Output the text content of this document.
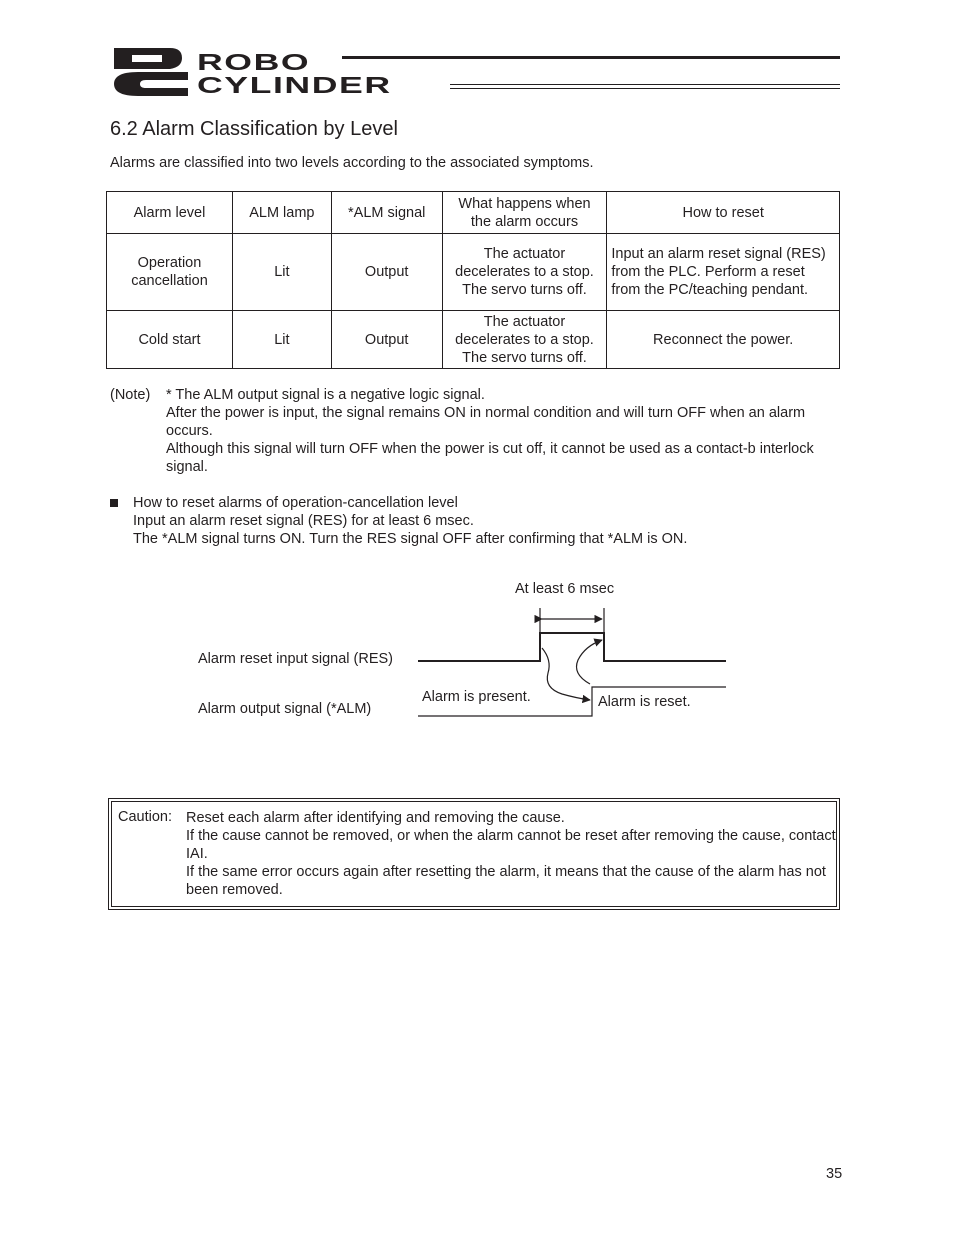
ROBO
CYLINDER
6.2 Alarm Classification by Level

Alarms are classified into two levels according to the associated symptoms.

Alarm level	ALM lamp	*ALM signal	What happens when the alarm occurs	How to reset
Operation cancellation	Lit	Output	The actuator decelerates to a stop. The servo turns off.	Input an alarm reset signal (RES) from the PLC. Perform a reset from the PC/teaching pendant.
Cold start	Lit	Output	The actuator decelerates to a stop. The servo turns off.	Reconnect the power.
(Note) * The ALM output signal is a negative logic signal.

After the power is input, the signal remains ON in normal condition and will turn OFF when an alarm occurs.

Although this signal will turn OFF when the power is cut off, it cannot be used as a contact-b interlock signal.

How to reset alarms of operation-cancellation level

Input an alarm reset signal (RES) for at least 6 msec.

The *ALM signal turns ON. Turn the RES signal OFF after confirming that *ALM is ON.

At least 6 msec
Alarm reset input signal (RES)
Alarm output signal (*ALM)
Alarm is present.	Alarm is reset.
Caution: Reset each alarm after identifying and removing the cause.

If the cause cannot be removed, or when the alarm cannot be reset after removing the cause, contact IAI.

If the same error occurs again after resetting the alarm, it means that the cause of the alarm has not been removed.

35
